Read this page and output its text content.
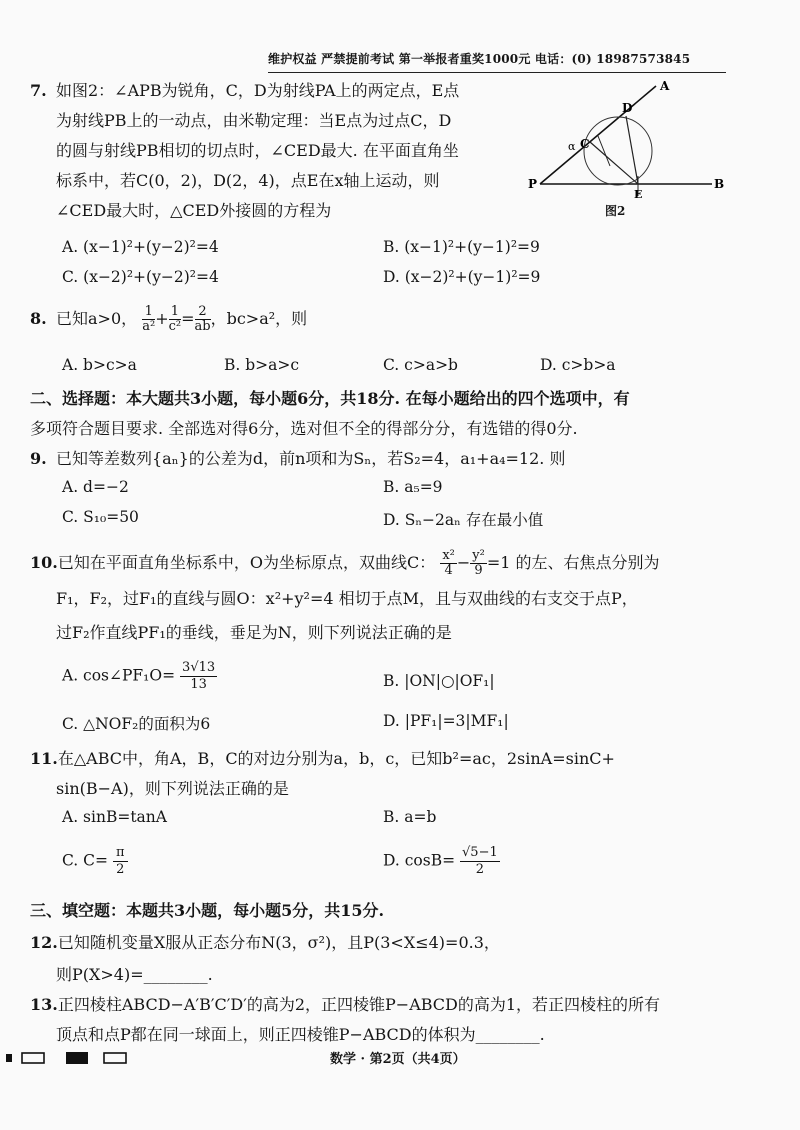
维护权益 严禁提前考试 第一举报者重奖1000元 电话：(0) 18987573845
7. 如图2：∠APB为锐角，C，D为射线PA上的两定点，E点
为射线PB上的一动点，由米勒定理：当E点为过点C，D
的圆与射线PB相切的切点时，∠CED最大. 在平面直角坐
标系中，若C(0，2)，D(2，4)，点E在x轴上运动，则
∠CED最大时，△CED外接圆的方程为
P
A
B
D
C
E
α
图2
A. (x−1)²+(y−2)²=4	B. (x−1)²+(y−1)²=9
C. (x−2)²+(y−2)²=4	D. (x−2)²+(y−1)²=9
8. 已知a>0， $\frac{1}{\text{a²}} + \frac{1}{\text{c²}} = \frac{2}{ab}$ ，bc>a²，则
A. b>c>a	B. b>a>c	C. c>a>b	D. c>b>a
二、选择题：本大题共3小题，每小题6分，共18分. 在每小题给出的四个选项中，有
多项符合题目要求. 全部选对得6分，选对但不全的得部分分，有选错的得0分.
9. 已知等差数列{aₙ}的公差为d，前n项和为Sₙ，若S₂=4，a₁+a₄=12. 则
A. d=−2	B. a₅=9
C. S₁₀=50	D. Sₙ−2aₙ 存在最小值
10.已知在平面直角坐标系中，O为坐标原点，双曲线C： $\frac{\text{x²}}{4} - \frac{\text{y²}}{9} =1$ 的左、右焦点分别为
F₁，F₂，过F₁的直线与圆O：x²+y²=4 相切于点M，且与双曲线的右支交于点P，
过F₂作直线PF₁的垂线，垂足为N，则下列说法正确的是
A. cos∠PF₁O= $\frac{3√13}{13}$	B. |ON|○|OF₁|
C. △NOF₂的面积为6	D. |PF₁|=3|MF₁|
11.在△ABC中，角A，B，C的对边分别为a，b，c，已知b²=ac，2sinA=sinC+
sin(B−A)，则下列说法正确的是
A. sinB=tanA	B. a=b
C. $C= \frac{\pi}{2}$	D. $\cos B= \frac{√5-1}{2}$
三、填空题：本题共3小题，每小题5分，共15分.
12.已知随机变量X服从正态分布N(3，σ²)，且P(3<X≤4)=0.3，
则P(X>4)=________.
13.正四棱柱ABCD−A′B′C′D′的高为2，正四棱锥P−ABCD的高为1，若正四棱柱的所有
顶点和点P都在同一球面上，则正四棱锥P−ABCD的体积为________.
数学 · 第2页（共4页）
